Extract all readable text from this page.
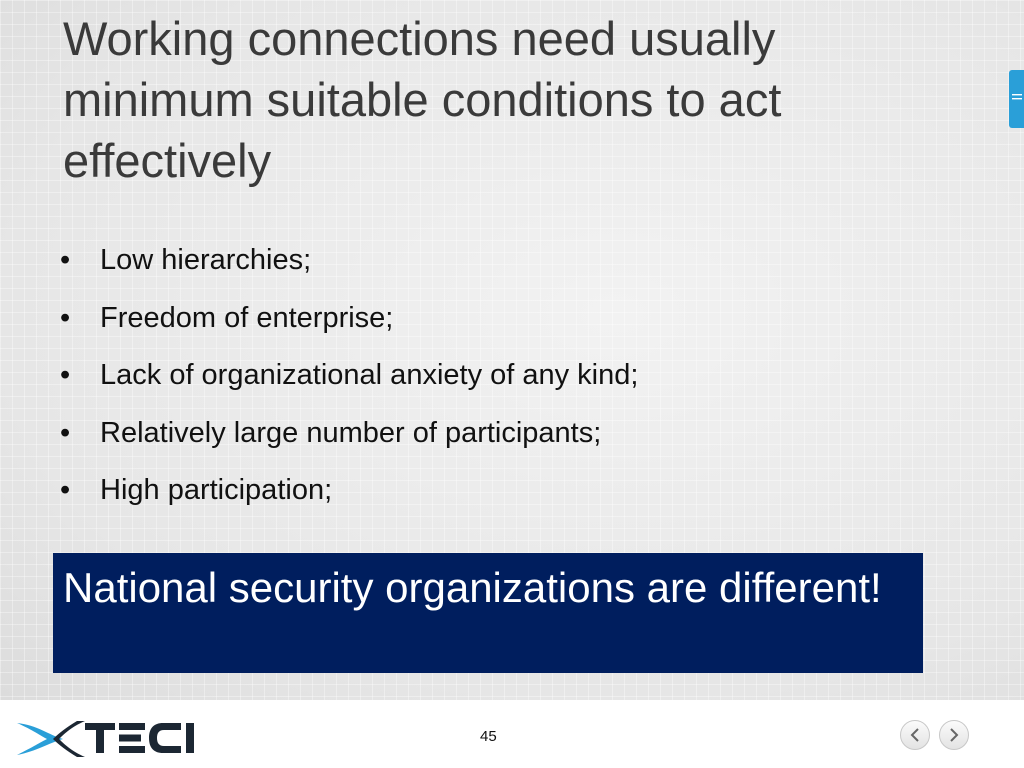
Working connections need usually minimum suitable conditions to act effectively
• Low hierarchies;
• Freedom of enterprise;
• Lack of organizational anxiety of any kind;
• Relatively large number of participants;
• High participation;

National security organizations are different!

45
